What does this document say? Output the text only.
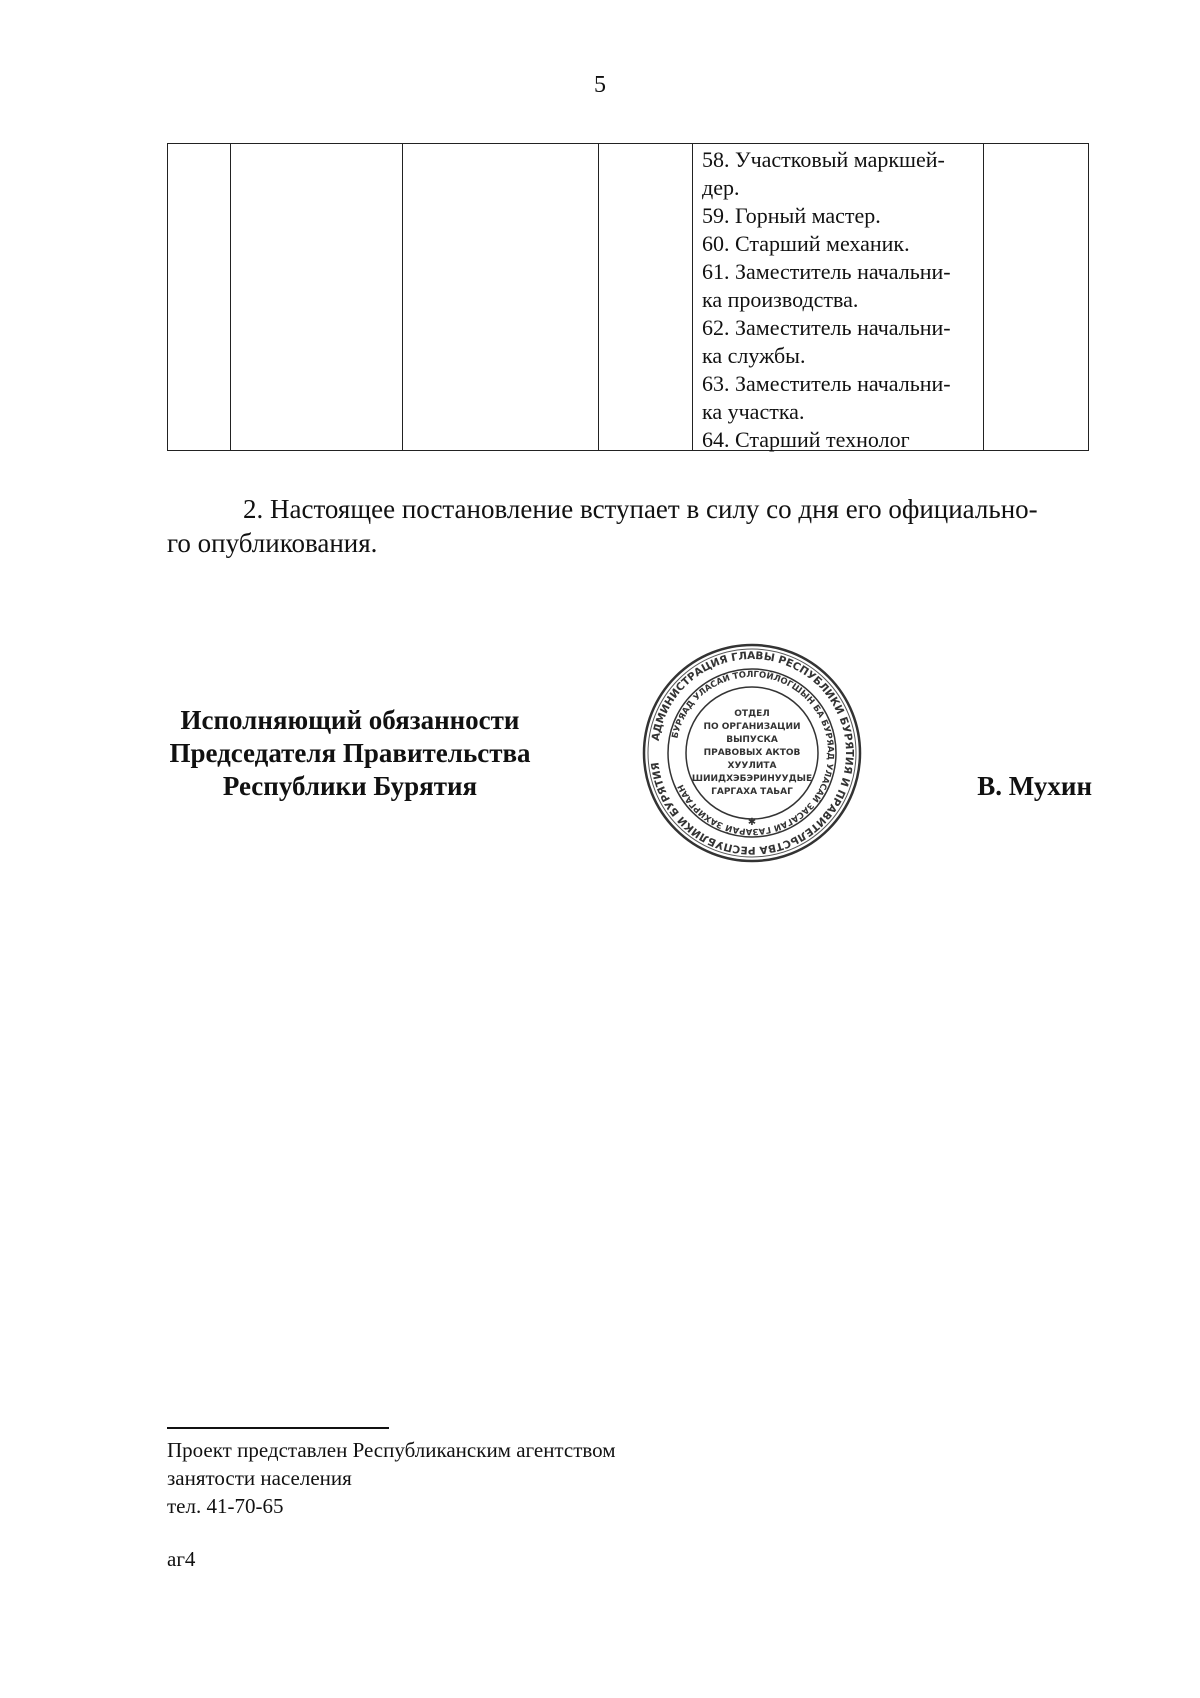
5

58. Участковый маркшей-
дер.
59. Горный мастер.
60. Старший механик.
61. Заместитель начальни-
ка производства.
62. Заместитель начальни-
ка службы.
63. Заместитель начальни-
ка участка.
64. Старший технолог

2. Настоящее постановление вступает в силу со дня его официально-
го опубликования.
Исполняющий обязанности
Председателя Правительства
Республики Бурятия
АДМИНИСТРАЦИЯ ГЛАВЫ РЕСПУБЛИКИ БУРЯТИЯ И ПРАВИТЕЛЬСТВА РЕСПУБЛИКИ БУРЯТИЯ
БУРЯАД УЛАСАЙ ТОЛГОЙЛОГШЫН БА БУРЯАД УЛАСАЙ ЗАСАГАЙ ГАЗАРАЙ ЗАХИРГААН
ОТДЕЛ
ПО ОРГАНИЗАЦИИ
ВЫПУСКА
ПРАВОВЫХ АКТОВ
ХУУЛИТА
ШИИДХЭБЭРИНУУДЫЕ
ГАРГАХА ТАЬАГ
✱
В. Мухин
Проект представлен Республиканским агентством
занятости населения
тел. 41-70-65
аг4
